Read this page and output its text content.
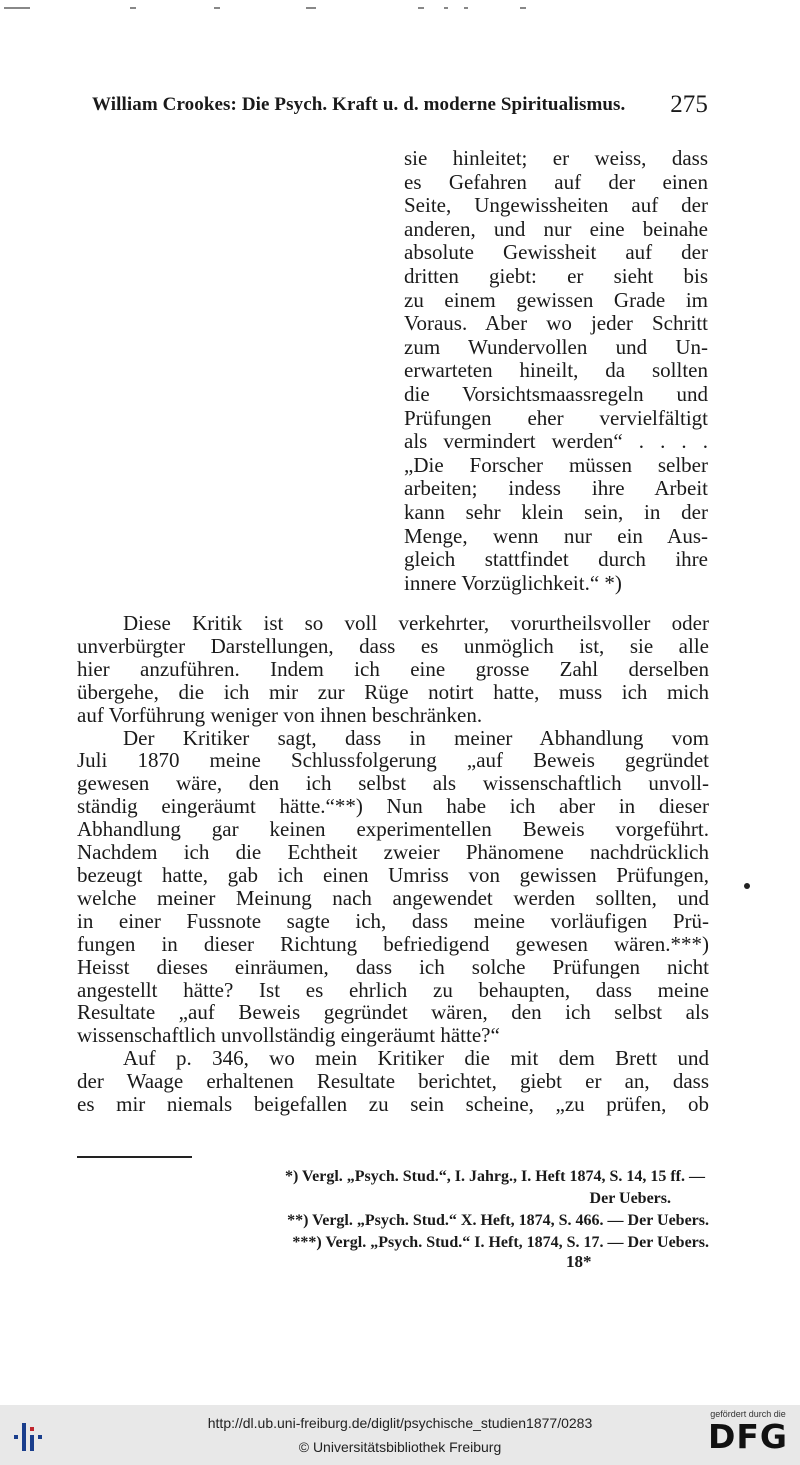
William Crookes: Die Psych. Kraft u. d. moderne Spiritualismus. 275
sie hinleitet; er weiss, dass
es Gefahren auf der einen
Seite, Ungewissheiten auf der
anderen, und nur eine beinahe
absolute Gewissheit auf der
dritten giebt: er sieht bis
zu einem gewissen Grade im
Voraus. Aber wo jeder Schritt
zum Wundervollen und Un-
erwarteten hineilt, da sollten
die Vorsichtsmaassregeln und
Prüfungen eher vervielfältigt
als vermindert werden“ . . . .
„Die Forscher müssen selber
arbeiten; indess ihre Arbeit
kann sehr klein sein, in der
Menge, wenn nur ein Aus-
gleich stattfindet durch ihre
innere Vorzüglichkeit.“ *)
Diese Kritik ist so voll verkehrter, vorurtheilsvoller oder
unverbürgter Darstellungen, dass es unmöglich ist, sie alle
hier anzuführen. Indem ich eine grosse Zahl derselben
übergehe, die ich mir zur Rüge notirt hatte, muss ich mich
auf Vorführung weniger von ihnen beschränken.
Der Kritiker sagt, dass in meiner Abhandlung vom
Juli 1870 meine Schlussfolgerung „auf Beweis gegründet
gewesen wäre, den ich selbst als wissenschaftlich unvoll-
ständig eingeräumt hätte.“**) Nun habe ich aber in dieser
Abhandlung gar keinen experimentellen Beweis vorgeführt.
Nachdem ich die Echtheit zweier Phänomene nachdrücklich
bezeugt hatte, gab ich einen Umriss von gewissen Prüfungen,
welche meiner Meinung nach angewendet werden sollten, und
in einer Fussnote sagte ich, dass meine vorläufigen Prü-
fungen in dieser Richtung befriedigend gewesen wären.***)
Heisst dieses einräumen, dass ich solche Prüfungen nicht
angestellt hätte? Ist es ehrlich zu behaupten, dass meine
Resultate „auf Beweis gegründet wären, den ich selbst als
wissenschaftlich unvollständig eingeräumt hätte?“
Auf p. 346, wo mein Kritiker die mit dem Brett und
der Waage erhaltenen Resultate berichtet, giebt er an, dass
es mir niemals beigefallen zu sein scheine, „zu prüfen, ob
*) Vergl. „Psych. Stud.“, I. Jahrg., I. Heft 1874, S. 14, 15 ff. —
Der Uebers.
**) Vergl. „Psych. Stud.“ X. Heft, 1874, S. 466. — Der Uebers.
***) Vergl. „Psych. Stud.“ I. Heft, 1874, S. 17. — Der Uebers.
18*
http://dl.ub.uni-freiburg.de/diglit/psychische_studien1877/0283
© Universitätsbibliothek Freiburg
gefördert durch die
DFG
